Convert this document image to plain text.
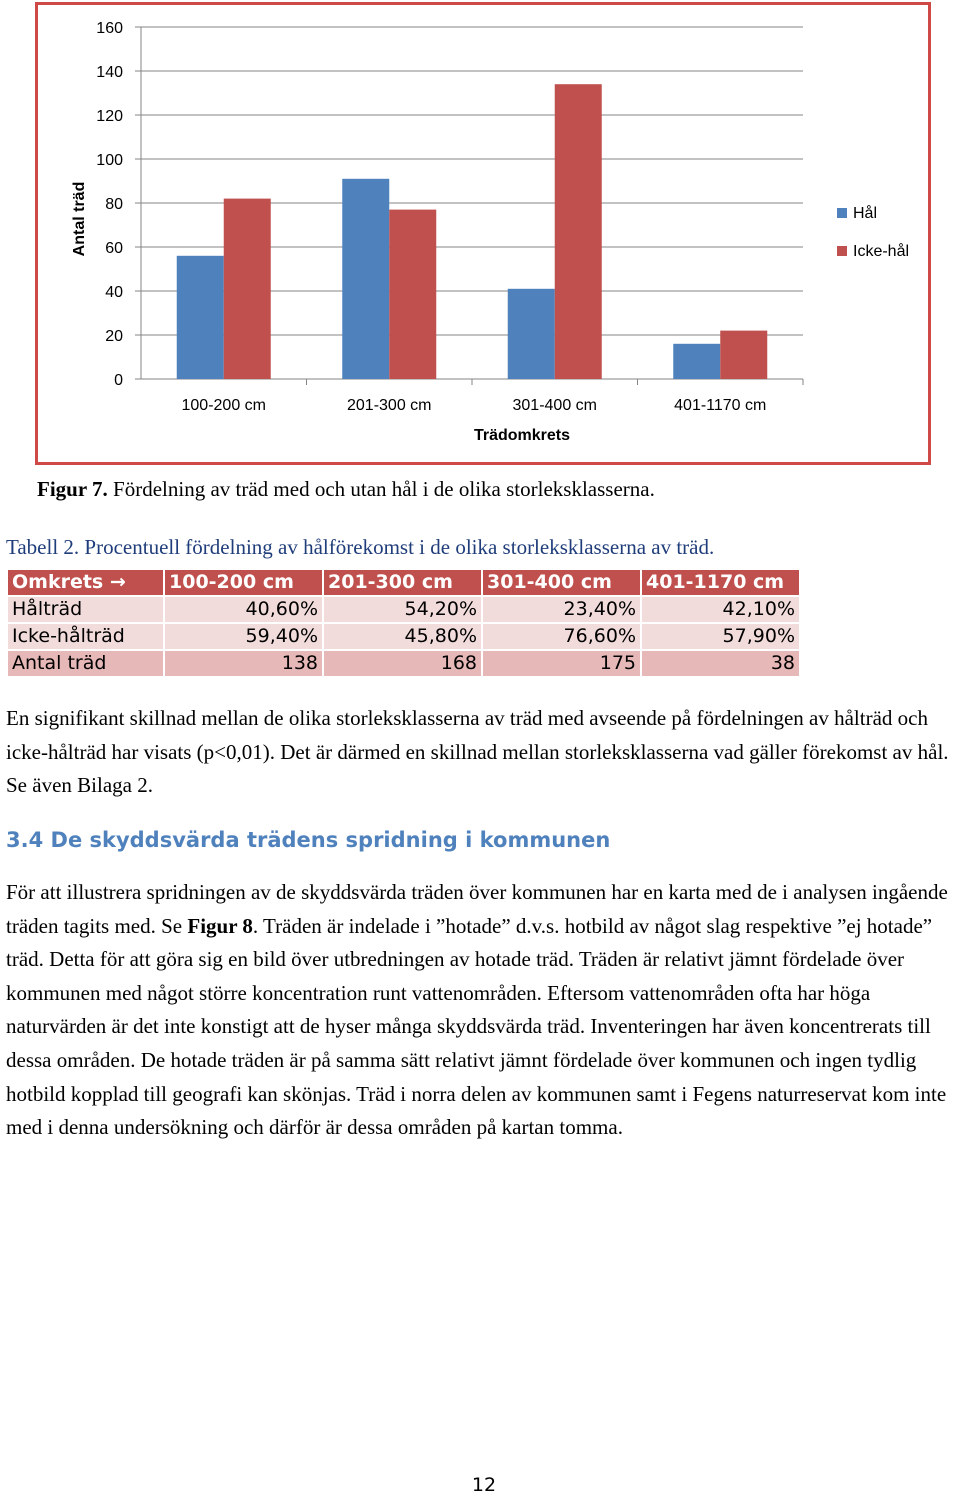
0
20
40
60
80
100
120
140
160
100-200 cm	201-300 cm	301-400 cm	401-1170 cm
Trädomkrets
Antal träd	Hål
Icke-hål
Figur 7. Fördelning av träd med och utan hål i de olika storleksklasserna.
Tabell 2. Procentuell fördelning av hålförekomst i de olika storleksklasserna av träd.
Omkrets →	100-200 cm	201-300 cm	301-400 cm	401-1170 cm
Hålträd	40,60%	54,20%	23,40%	42,10%
Icke-hålträd	59,40%	45,80%	76,60%	57,90%
Antal träd	138	168	175	38

En signifikant skillnad mellan de olika storleksklasserna av träd med avseende på fördelningen av hålträd och icke-hålträd har visats (p<0,01). Det är därmed en skillnad mellan storleksklasserna vad gäller förekomst av hål. Se även Bilaga 2.

3.4 De skyddsvärda trädens spridning i kommunen

För att illustrera spridningen av de skyddsvärda träden över kommunen har en karta med de i analysen ingående träden tagits med. Se Figur 8. Träden är indelade i ”hotade” d.v.s. hotbild av något slag respektive ”ej hotade” träd. Detta för att göra sig en bild över utbredningen av hotade träd. Träden är relativt jämnt fördelade över kommunen med något större koncentration runt vattenområden. Eftersom vattenområden ofta har höga naturvärden är det inte konstigt att de hyser många skyddsvärda träd. Inventeringen har även koncentrerats till dessa områden. De hotade träden är på samma sätt relativt jämnt fördelade över kommunen och ingen tydlig hotbild kopplad till geografi kan skönjas. Träd i norra delen av kommunen samt i Fegens naturreservat kom inte med i denna undersökning och därför är dessa områden på kartan tomma.

12
